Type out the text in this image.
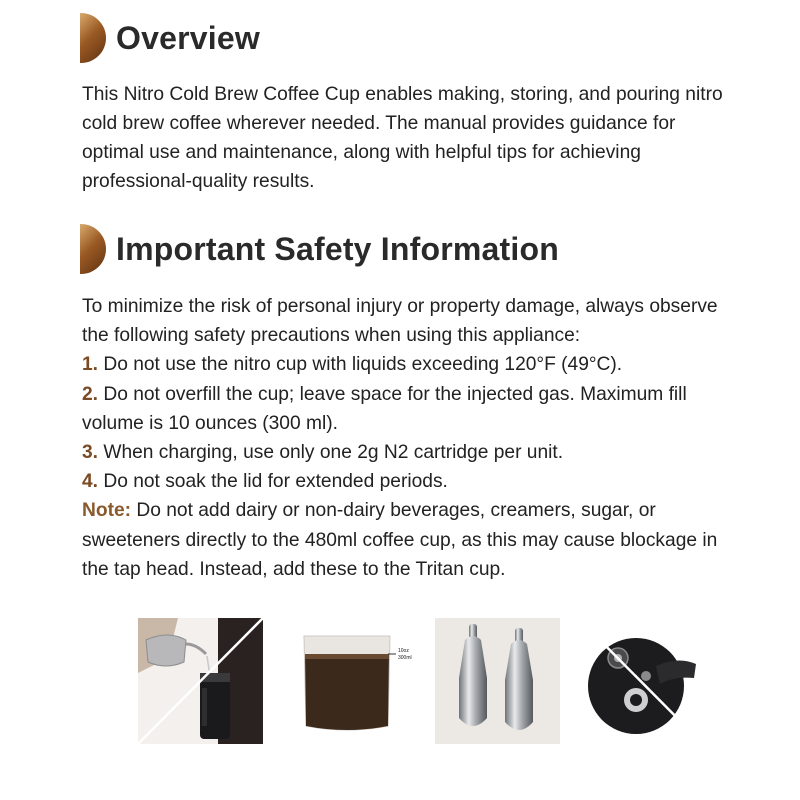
Overview

This Nitro Cold Brew Coffee Cup enables making, storing, and pouring nitro cold brew coffee wherever needed. The manual provides guidance for optimal use and maintenance, along with helpful tips for achieving professional-quality results.

Important Safety Information

To minimize the risk of personal injury or property damage, always observe the following safety precautions when using this appliance:

1. Do not use the nitro cup with liquids exceeding 120°F (49°C).

2. Do not overfill the cup; leave space for the injected gas. Maximum fill volume is 10 ounces (300 ml).

3. When charging, use only one 2g N2 cartridge per unit.

4. Do not soak the lid for extended periods.

Note: Do not add dairy or non-dairy beverages, creamers, sugar, or sweeteners directly to the 480ml coffee cup, as this may cause blockage in the tap head. Instead, add these to the Tritan cup.

10oz
300ml
